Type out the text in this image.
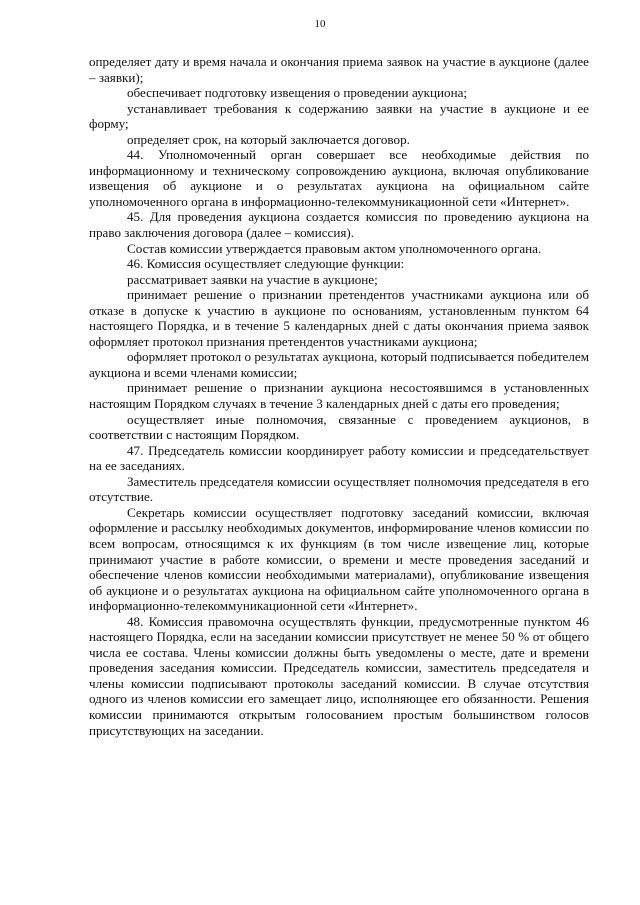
10

определяет дату и время начала и окончания приема заявок на участие в аукционе (далее – заявки);

обеспечивает подготовку извещения о проведении аукциона;

устанавливает требования к содержанию заявки на участие в аукционе и ее форму;

определяет срок, на который заключается договор.

44. Уполномоченный орган совершает все необходимые действия по информационному и техническому сопровождению аукциона, включая опубликование извещения об аукционе и о результатах аукциона на официальном сайте уполномоченного органа в информационно-телекоммуникационной сети «Интернет».

45. Для проведения аукциона создается комиссия по проведению аукциона на право заключения договора (далее – комиссия).

Состав комиссии утверждается правовым актом уполномоченного органа.

46. Комиссия осуществляет следующие функции:

рассматривает заявки на участие в аукционе;

принимает решение о признании претендентов участниками аукциона или об отказе в допуске к участию в аукционе по основаниям, установленным пунктом 64 настоящего Порядка, и в течение 5 календарных дней с даты окончания приема заявок оформляет протокол признания претендентов участниками аукциона;

оформляет протокол о результатах аукциона, который подписывается победителем аукциона и всеми членами комиссии;

принимает решение о признании аукциона несостоявшимся в установленных настоящим Порядком случаях в течение 3 календарных дней с даты его проведения;

осуществляет иные полномочия, связанные с проведением аукционов, в соответствии с настоящим Порядком.

47. Председатель комиссии координирует работу комиссии и председательствует на ее заседаниях.

Заместитель председателя комиссии осуществляет полномочия председателя в его отсутствие.

Секретарь комиссии осуществляет подготовку заседаний комиссии, включая оформление и рассылку необходимых документов, информирование членов комиссии по всем вопросам, относящимся к их функциям (в том числе извещение лиц, которые принимают участие в работе комиссии, о времени и месте проведения заседаний и обеспечение членов комиссии необходимыми материалами), опубликование извещения об аукционе и о результатах аукциона на официальном сайте уполномоченного органа в информационно-телекоммуникационной сети «Интернет».

48. Комиссия правомочна осуществлять функции, предусмотренные пунктом 46 настоящего Порядка, если на заседании комиссии присутствует не менее 50 % от общего числа ее состава. Члены комиссии должны быть уведомлены о месте, дате и времени проведения заседания комиссии. Председатель комиссии, заместитель председателя и члены комиссии подписывают протоколы заседаний комиссии. В случае отсутствия одного из членов комиссии его замещает лицо, исполняющее его обязанности. Решения комиссии принимаются открытым голосованием простым большинством голосов присутствующих на заседании.
